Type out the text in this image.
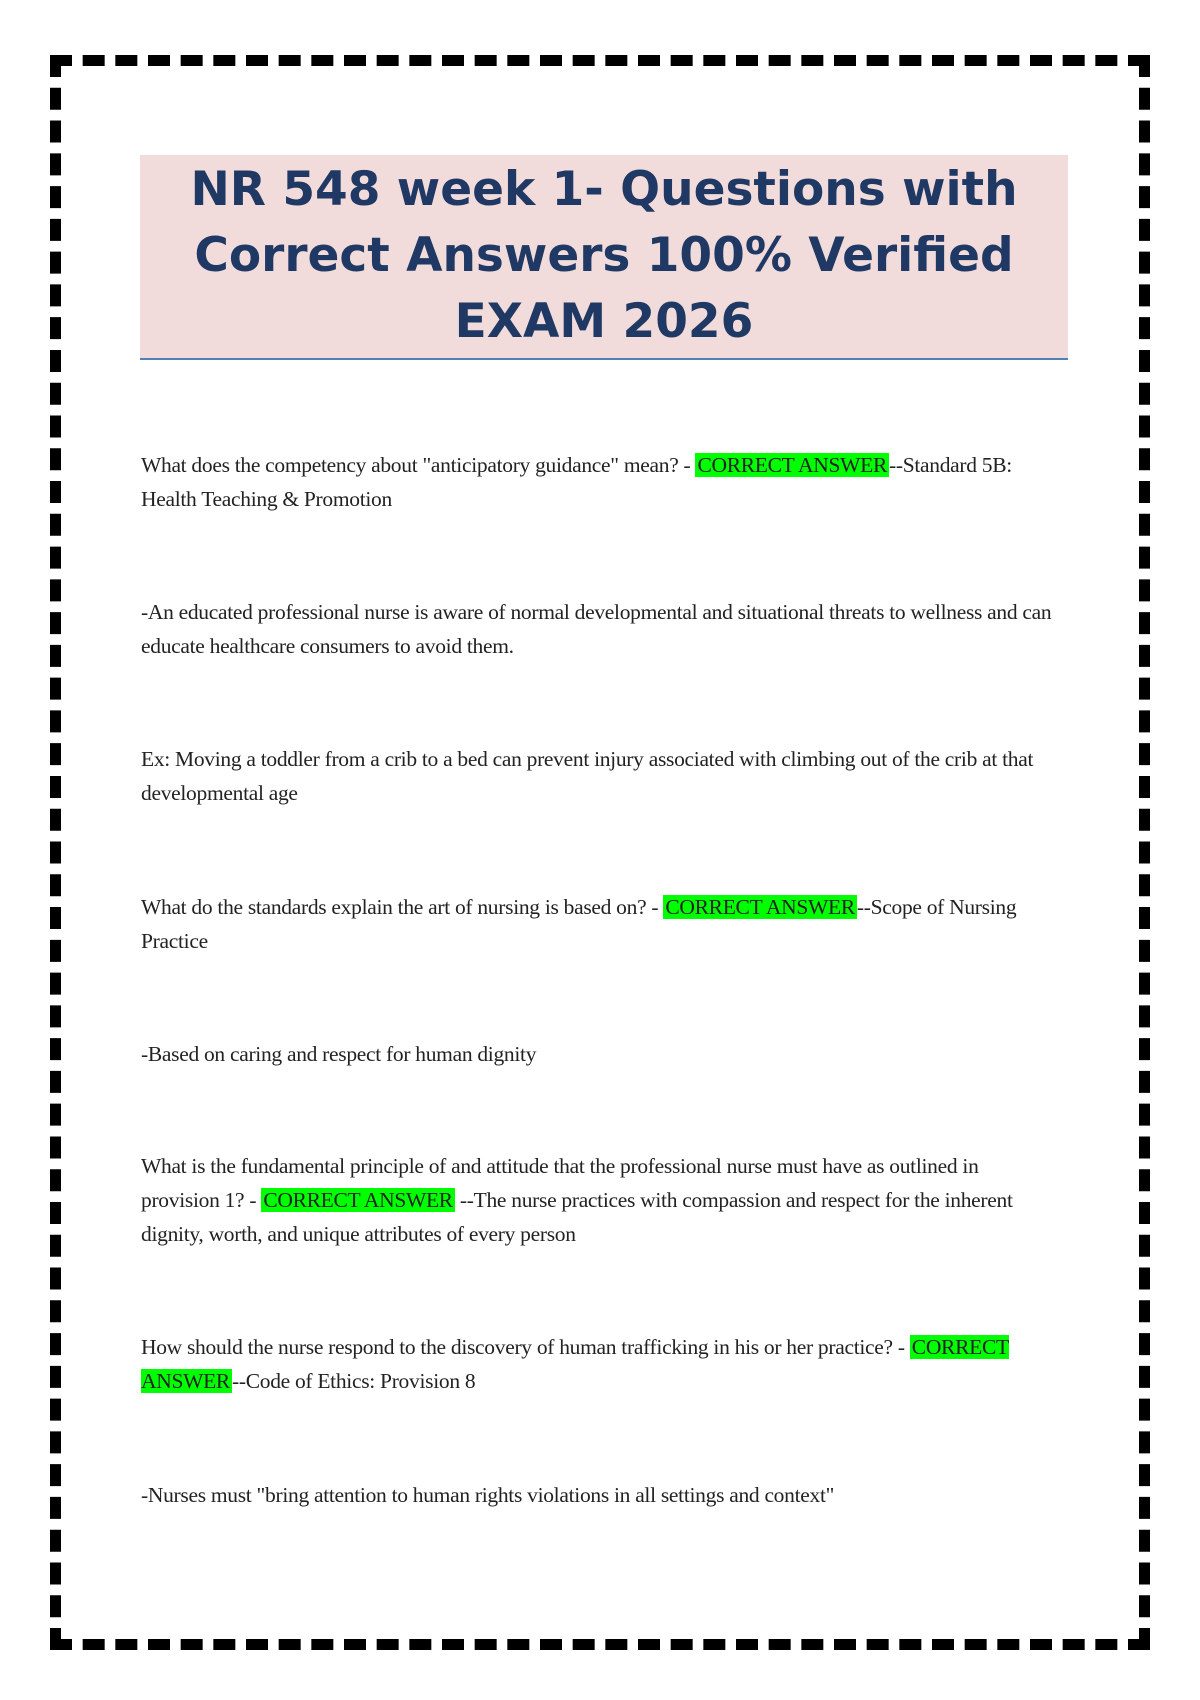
NR 548 week 1- Questions with Correct Answers 100% Verified EXAM 2026

What does the competency about "anticipatory guidance" mean? - CORRECT ANSWER--Standard 5B: Health Teaching & Promotion

-An educated professional nurse is aware of normal developmental and situational threats to wellness and can educate healthcare consumers to avoid them.

Ex: Moving a toddler from a crib to a bed can prevent injury associated with climbing out of the crib at that developmental age

What do the standards explain the art of nursing is based on? - CORRECT ANSWER--Scope of Nursing Practice

-Based on caring and respect for human dignity

What is the fundamental principle of and attitude that the professional nurse must have as outlined in provision 1? - CORRECT ANSWER --The nurse practices with compassion and respect for the inherent dignity, worth, and unique attributes of every person

How should the nurse respond to the discovery of human trafficking in his or her practice? - CORRECT ANSWER--Code of Ethics: Provision 8

-Nurses must "bring attention to human rights violations in all settings and context"
